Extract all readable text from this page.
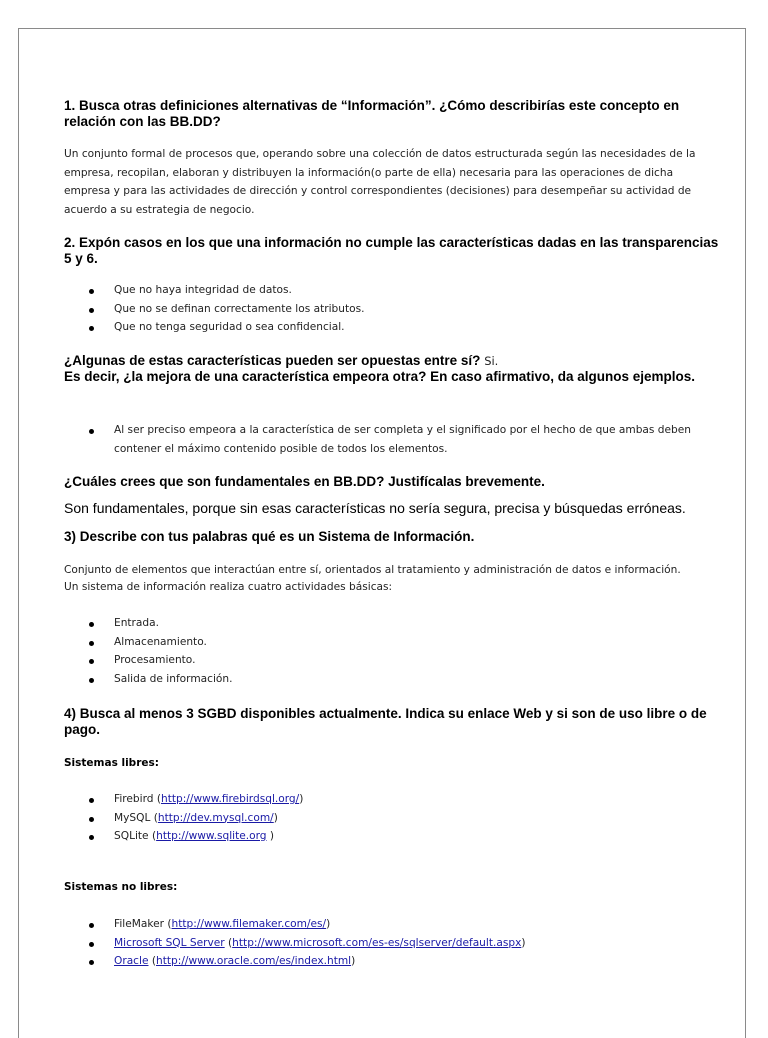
1. Busca otras definiciones alternativas de “Información”. ¿Cómo describirías este concepto en relación con las BB.DD?
Un conjunto formal de procesos que, operando sobre una colección de datos estructurada según las necesidades de la empresa, recopilan, elaboran y distribuyen la información(o parte de ella) necesaria para las operaciones de dicha empresa y para las actividades de dirección y control correspondientes (decisiones) para desempeñar su actividad de acuerdo a su estrategia de negocio.
2. Expón casos en los que una información no cumple las características dadas en las transparencias 5 y 6.
Que no haya integridad de datos.
Que no se definan correctamente los atributos.
Que no tenga seguridad o sea confidencial.
¿Algunas de estas características pueden ser opuestas entre sí? Si.
Es decir, ¿la mejora de una característica empeora otra? En caso afirmativo, da algunos ejemplos.
Al ser preciso empeora a la característica de ser completa y el significado por el hecho de que ambas deben contener el máximo contenido posible de todos los elementos.
¿Cuáles crees que son fundamentales en BB.DD? Justifícalas brevemente.
Son fundamentales, porque sin esas características no sería segura, precisa y búsquedas erróneas.
3) Describe con tus palabras qué es un Sistema de Información.
Conjunto de elementos que interactúan entre sí, orientados al tratamiento y administración de datos e información.
Un sistema de información realiza cuatro actividades básicas:
Entrada.
Almacenamiento.
Procesamiento.
Salida de información.
4) Busca al menos 3 SGBD disponibles actualmente. Indica su enlace Web y si son de uso libre o de pago.
Sistemas libres:
Firebird (http://www.firebirdsql.org/)
MySQL (http://dev.mysql.com/)
SQLite (http://www.sqlite.org )
Sistemas no libres:
FileMaker (http://www.filemaker.com/es/)
Microsoft SQL Server (http://www.microsoft.com/es-es/sqlserver/default.aspx)
Oracle (http://www.oracle.com/es/index.html)
